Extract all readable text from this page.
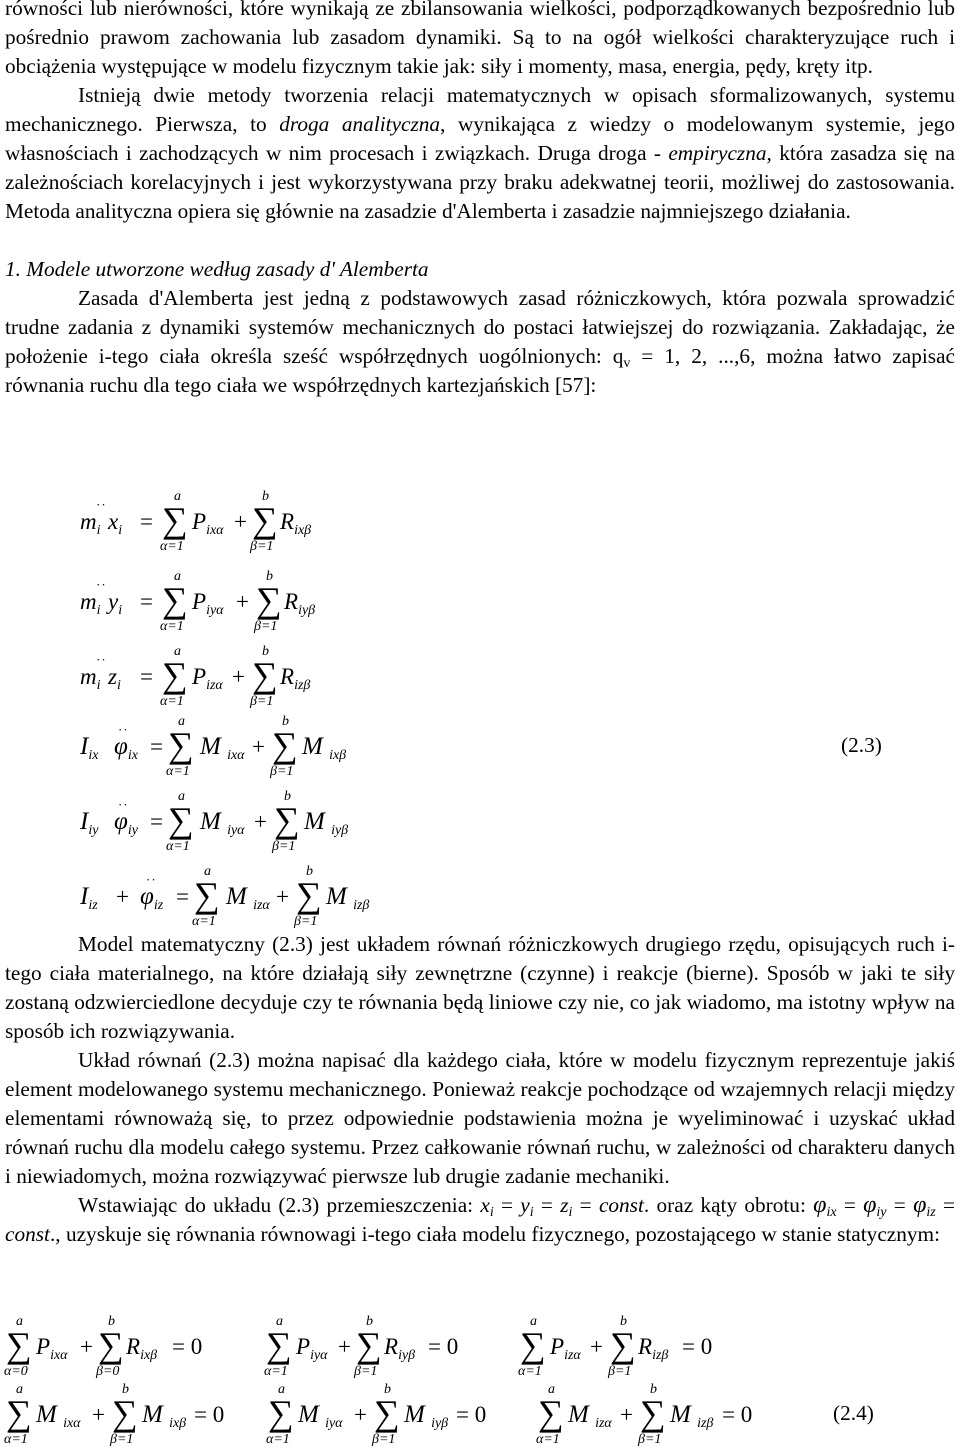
równości lub nierówności, które wynikają ze zbilansowania wielkości, podporządkowanych bezpośrednio lub pośrednio prawom zachowania lub zasadom dynamiki. Są to na ogół wielkości charakteryzujące ruch i obciążenia występujące w modelu fizycznym takie jak: siły i momenty, masa, energia, pędy, kręty itp.

Istnieją dwie metody tworzenia relacji matematycznych w opisach sformalizowanych, systemu mechanicznego. Pierwsza, to droga analityczna, wynikająca z wiedzy o modelowanym systemie, jego własnościach i zachodzących w nim procesach i związkach. Druga droga - empiryczna, która zasadza się na zależnościach korelacyjnych i jest wykorzystywana przy braku adekwatnej teorii, możliwej do zastosowania. Metoda analityczna opiera się głównie na zasadzie d'Alemberta i zasadzie najmniejszego działania.

1. Modele utworzone według zasady d' Alemberta

Zasada d'Alemberta jest jedną z podstawowych zasad różniczkowych, która pozwala sprowadzić trudne zadania z dynamiki systemów mechanicznych do postaci łatwiejszej do rozwiązania. Zakładając, że położenie i-tego ciała określa sześć współrzędnych uogólnionych: $q_v = 1$, 2, ...,6, można łatwo zapisać równania ruchu dla tego ciała we współrzędnych kartezjańskich [57]:

··
$m_i$ $x_i$ =
a
∑
α=1
$P_{ix\alpha}$ +
b
∑
β=1
$R_{ix\beta}$
··
$m_i$ $y_i$ =
a
∑
α=1
$P_{iy\alpha}$ +
b
∑
β=1
$R_{iy\beta}$
··
$m_i$ $z_i$ =
a
∑
α=1
$P_{iz\alpha}$ +
b
∑
β=1
$R_{iz\beta}$
··
$I_{ix}$ $\varphi_{ix}$ =
a
∑
α=1
M $_{ix\alpha}$ +
b
∑
β=1
M $_{ix\beta}$	(2.3)
··
$I_{iy}$ $\varphi_{iy}$ =
a
∑
α=1
M $_{iy\alpha}$ +
b
∑
β=1
M $_{iy\beta}$
··
$I_{iz} + \varphi_{iz}$ =
a
∑
α=1
M $_{iz\alpha}$ +
b
∑
β=1
M $_{iz\beta}$

Model matematyczny (2.3) jest układem równań różniczkowych drugiego rzędu, opisujących ruch i-tego ciała materialnego, na które działają siły zewnętrzne (czynne) i reakcje (bierne). Sposób w jaki te siły zostaną odzwierciedlone decyduje czy te równania będą liniowe czy nie, co jak wiadomo, ma istotny wpływ na sposób ich rozwiązywania.

Układ równań (2.3) można napisać dla każdego ciała, które w modelu fizycznym reprezentuje jakiś element modelowanego systemu mechanicznego. Ponieważ reakcje pochodzące od wzajemnych relacji między elementami równoważą się, to przez odpowiednie podstawienia można je wyeliminować i uzyskać układ równań ruchu dla modelu całego systemu. Przez całkowanie równań ruchu, w zależności od charakteru danych i niewiadomych, można rozwiązywać pierwsze lub drugie zadanie mechaniki.

Wstawiając do układu (2.3) przemieszczenia: $x_i = y_i = z_i$ = const. oraz kąty obrotu: $\varphi_{ix} = \varphi_{iy} = \varphi_{iz}$ = const., uzyskuje się równania równowagi i-tego ciała modelu fizycznego, pozostającego w stanie statycznym:

a
∑
α=0
$P_{ix\alpha}$ +
b
∑
β=0
$R_{ix\beta} = 0$
a
∑
α=1
$P_{iy\alpha}$ +
b
∑
β=1
$R_{iy\beta} = 0$
a
∑
α=1
$P_{iz\alpha}$ +
b
∑
β=1
$R_{iz\beta} = 0$
a
∑
α=1
M $_{ix\alpha}$ +
b
∑
β=1
M $_{ix\beta}$ = 0
a
∑
α=1
M $_{iy\alpha}$ +
b
∑
β=1
M $_{iy\beta}$ = 0
a
∑
α=1
M $_{iz\alpha}$ +
b
∑
β=1
M $_{iz\beta}$ = 0	(2.4)
